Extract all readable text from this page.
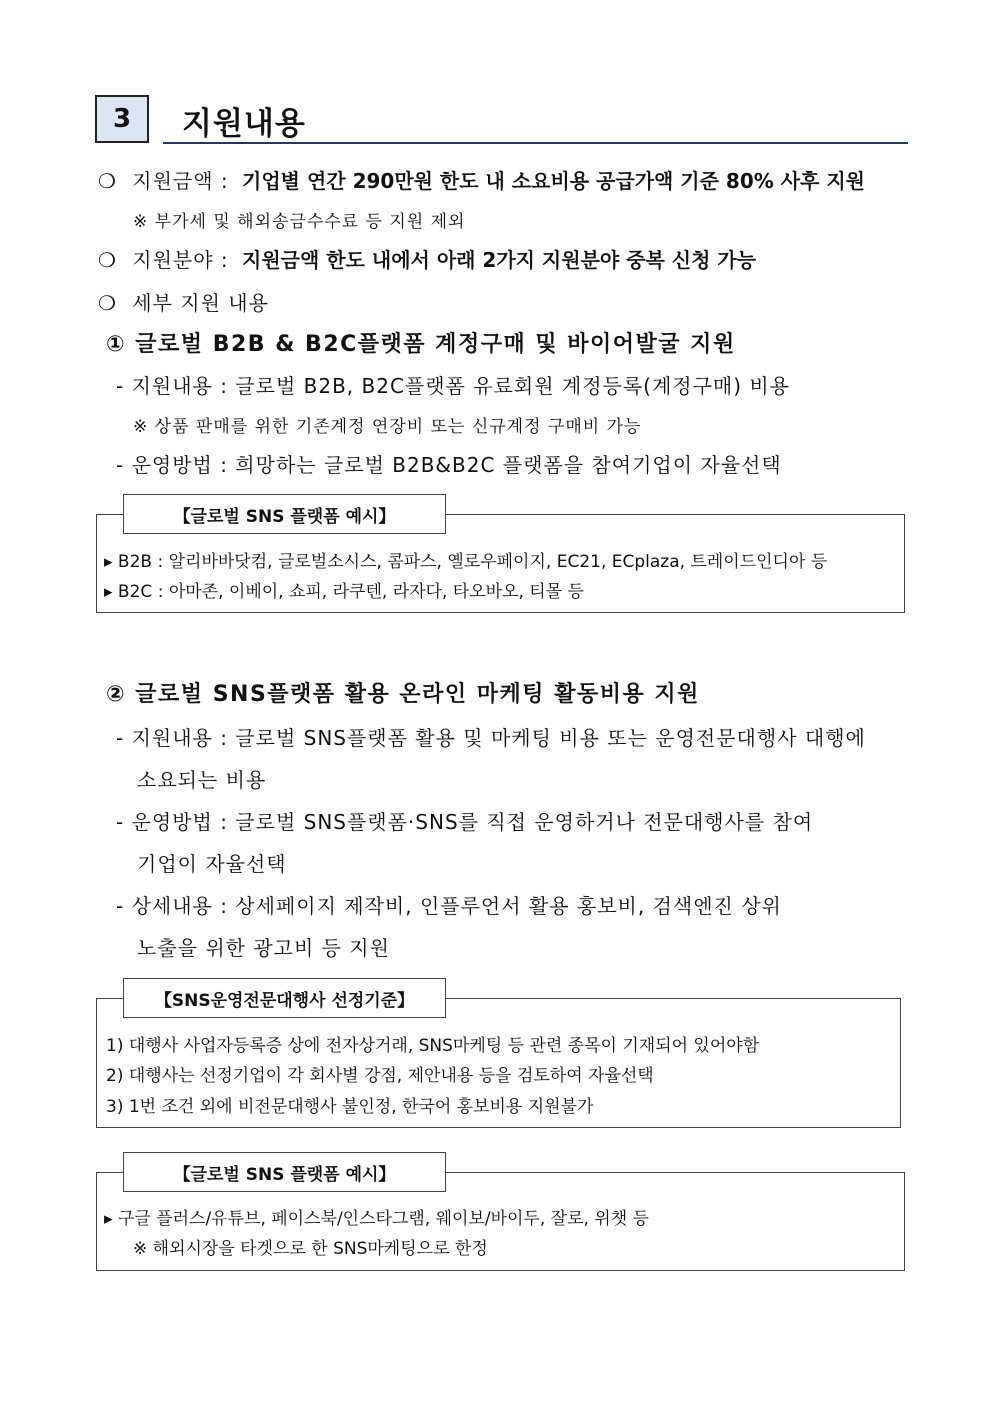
3 지원내용
❍ 지원금액 : 기업별 연간 290만원 한도 내 소요비용 공급가액 기준 80% 사후 지원
※ 부가세 및 해외송금수수료 등 지원 제외
❍ 지원분야 : 지원금액 한도 내에서 아래 2가지 지원분야 중복 신청 가능
❍ 세부 지원 내용
① 글로벌 B2B & B2C플랫폼 계정구매 및 바이어발굴 지원
- 지원내용 : 글로벌 B2B, B2C플랫폼 유료회원 계정등록(계정구매) 비용
※ 상품 판매를 위한 기존계정 연장비 또는 신규계정 구매비 가능
- 운영방법 : 희망하는 글로벌 B2B&B2C 플랫폼을 참여기업이 자율선택
【글로벌 SNS 플랫폼 예시】
▸ B2B : 알리바바닷컴, 글로벌소시스, 콤파스, 옐로우페이지, EC21, ECplaza, 트레이드인디아 등
▸ B2C : 아마존, 이베이, 쇼피, 라쿠텐, 라자다, 타오바오, 티몰 등
② 글로벌 SNS플랫폼 활용 온라인 마케팅 활동비용 지원
- 지원내용 : 글로벌 SNS플랫폼 활용 및 마케팅 비용 또는 운영전문대행사 대행에
소요되는 비용
- 운영방법 : 글로벌 SNS플랫폼·SNS를 직접 운영하거나 전문대행사를 참여
기업이 자율선택
- 상세내용 : 상세페이지 제작비, 인플루언서 활용 홍보비, 검색엔진 상위
노출을 위한 광고비 등 지원
【SNS운영전문대행사 선정기준】
1) 대행사 사업자등록증 상에 전자상거래, SNS마케팅 등 관련 종목이 기재되어 있어야함
2) 대행사는 선정기업이 각 회사별 강점, 제안내용 등을 검토하여 자율선택
3) 1번 조건 외에 비전문대행사 불인정, 한국어 홍보비용 지원불가
【글로벌 SNS 플랫폼 예시】
▸ 구글 플러스/유튜브, 페이스북/인스타그램, 웨이보/바이두, 잘로, 위챗 등
※ 해외시장을 타겟으로 한 SNS마케팅으로 한정
